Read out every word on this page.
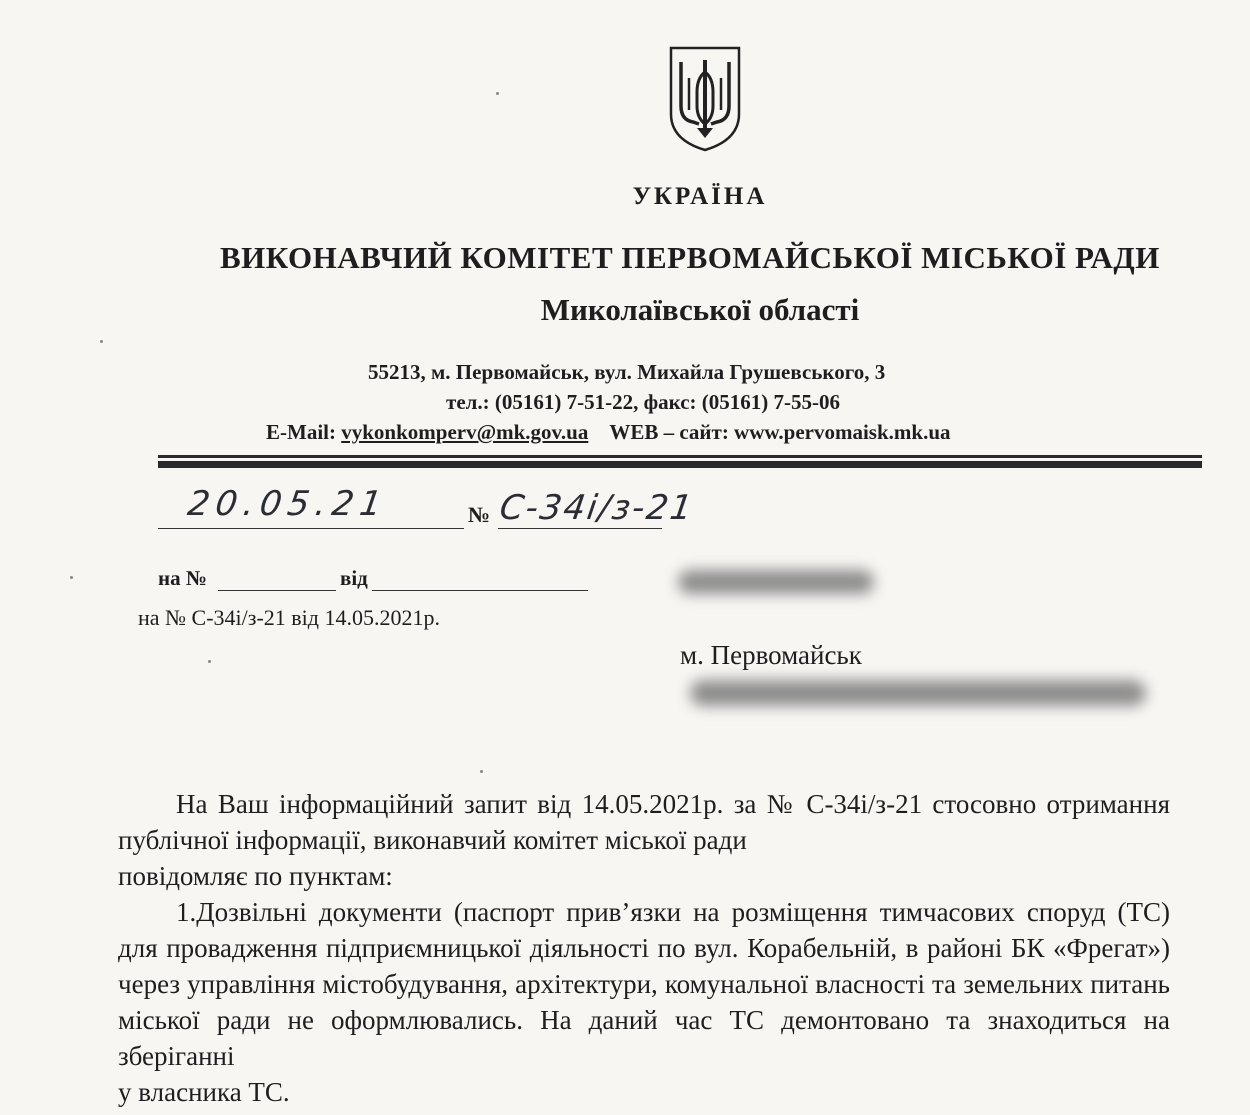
УКРАЇНА
ВИКОНАВЧИЙ КОМІТЕТ ПЕРВОМАЙСЬКОЇ МІСЬКОЇ РАДИ
Миколаївської області
55213, м. Первомайськ, вул. Михайла Грушевського, 3
тел.: (05161) 7-51-22, факс: (05161) 7-55-06
E-Mail: vykonkomperv@mk.gov.ua WEB – сайт: www.pervomaisk.mk.ua
20.05.21	№ С-34і/з-21
на №	від
на № С-34і/з-21 від 14.05.2021р.
м. Первомайськ
На Ваш інформаційний запит від 14.05.2021р. за № С-34і/з-21 стосовно отримання публічної інформації, виконавчий комітет міської ради
повідомляє по пунктам:
1.Дозвільні документи (паспорт прив’язки на розміщення тимчасових споруд (ТС) для провадження підприємницької діяльності по вул. Корабельній, в районі БК «Фрегат») через управління містобудування, архітектури, комунальної власності та земельних питань міської ради не оформлювались. На даний час ТС демонтовано та знаходиться на зберіганні
у власника ТС.
